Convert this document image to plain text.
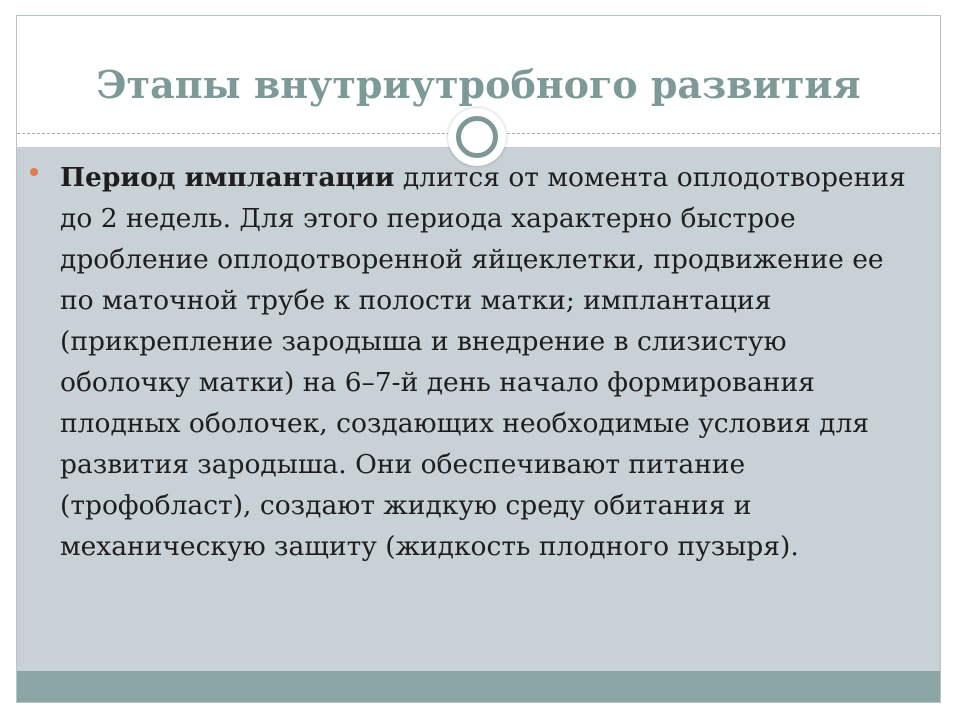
Этапы внутриутробного развития

Период имплантации длится от момента оплодотворения до 2 недель. Для этого периода характерно быстрое дробление оплодотворенной яйцеклетки, продвижение ее по маточной трубе к полости матки; имплантация (прикрепление зародыша и внедрение в слизистую оболочку матки) на 6–7-й день начало формирования плодных оболочек, создающих необходимые условия для развития зародыша. Они обеспечивают питание (трофобласт), создают жидкую среду обитания и механическую защиту (жидкость плодного пузыря).
